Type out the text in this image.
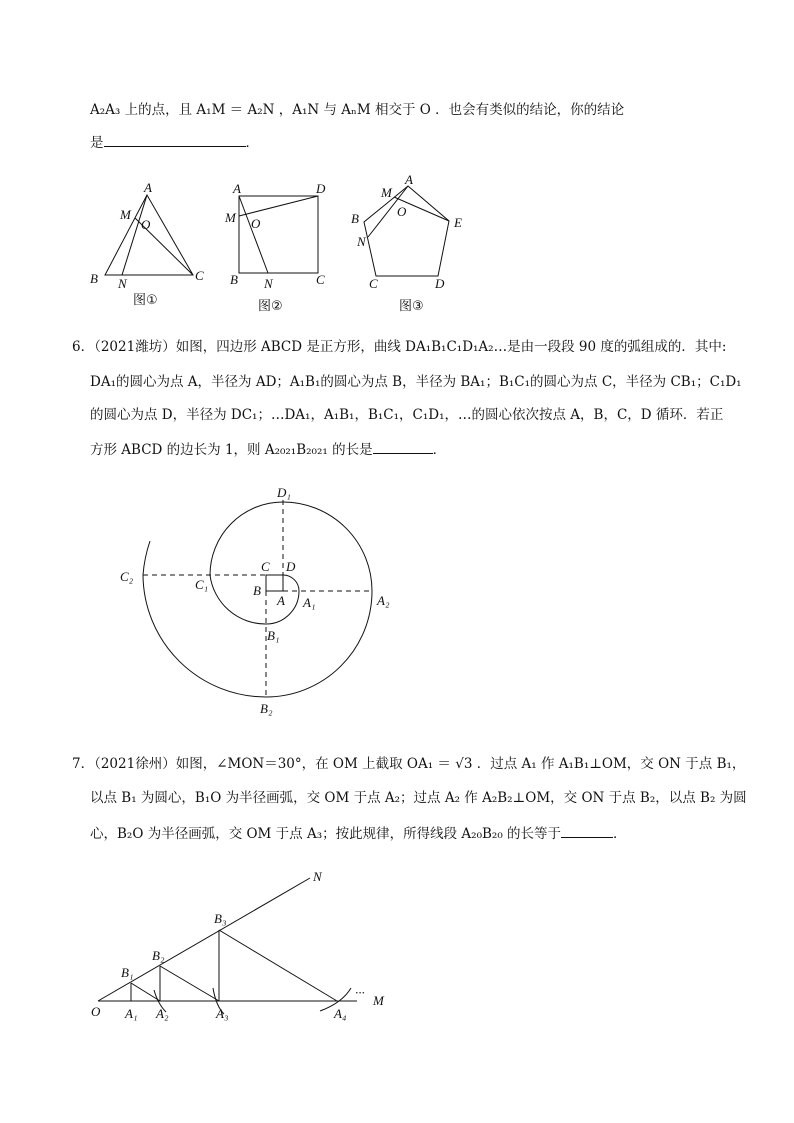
A₂A₃ 上的点，且 A₁M ＝ A₂N ，A₁N 与 AₙM 相交于 O ．也会有类似的结论，你的结论
是	．
A
M
O
B N
C
图①
A	D
M O
B N	C
图②
A
M
O
B	E
N
C	D
图③
6．（2021潍坊）如图，四边形 ABCD 是正方形，曲线 DA₁B₁C₁D₁A₂…是由一段段 90 度的弧组成的．其中:
DA₁的圆心为点 A，半径为 AD；A₁B₁的圆心为点 B，半径为 BA₁；B₁C₁的圆心为点 C，半径为 CB₁；C₁D₁
的圆心为点 D，半径为 DC₁；…DA₁，A₁B₁，B₁C₁，C₁D₁，…的圆心依次按点 A，B，C，D 循环．若正
方形 ABCD 的边长为 1，则 A₂₀₂₁B₂₀₂₁ 的长是	．
D₁
C₂
C₁
C D
B
A A₁	A₂
B₁
B₂
7．（2021徐州）如图，∠MON＝30°，在 OM 上截取 OA₁ ＝ √3 ．过点 A₁ 作 A₁B₁⊥OM，交 ON 于点 B₁，
以点 B₁ 为圆心，B₁O 为半径画弧，交 OM 于点 A₂；过点 A₂ 作 A₂B₂⊥OM，交 ON 于点 B₂，以点 B₂ 为圆
心，B₂O 为半径画弧，交 OM 于点 A₃；按此规律，所得线段 A₂₀B₂₀ 的长等于	．
N
···
M
O A₁ A₂	A₃	A₄
B₁
B₂
B₃
